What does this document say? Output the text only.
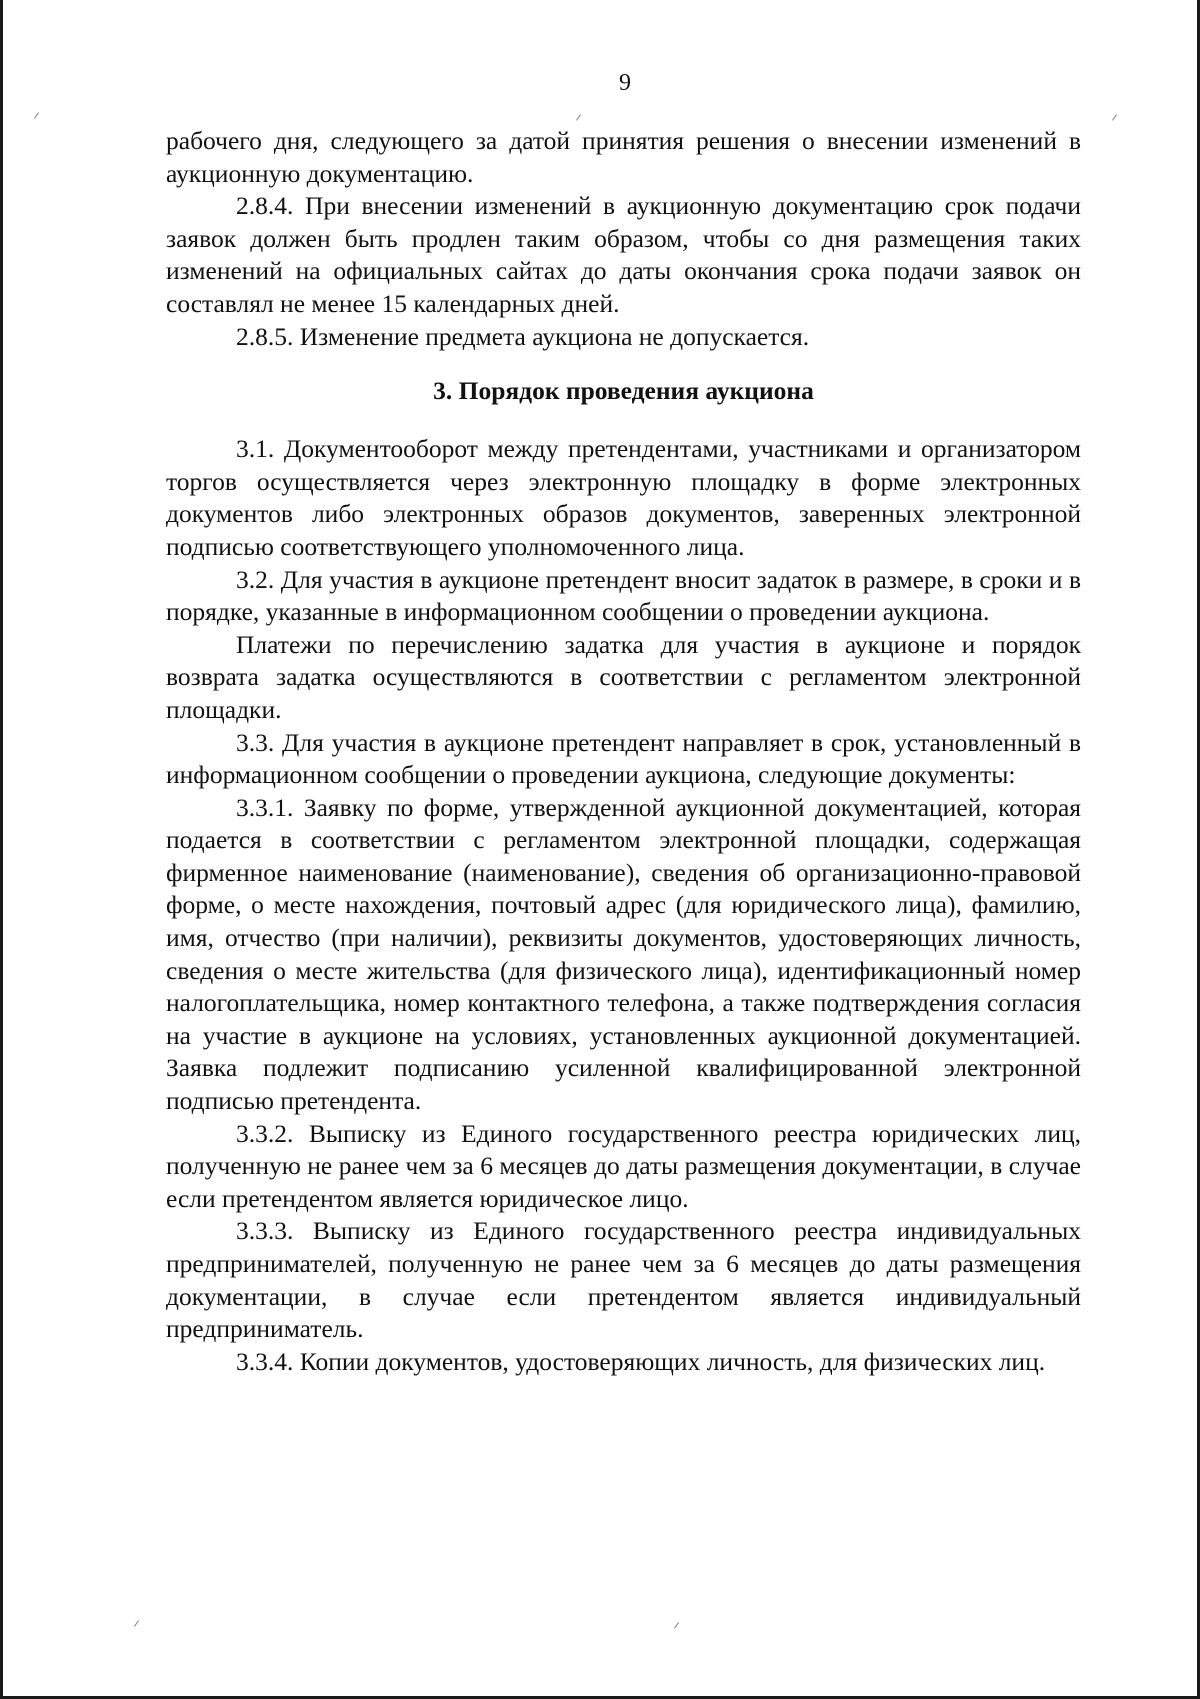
9

рабочего дня, следующего за датой принятия решения о внесении изменений в аукционную документацию.

2.8.4. При внесении изменений в аукционную документацию срок подачи заявок должен быть продлен таким образом, чтобы со дня размещения таких изменений на официальных сайтах до даты окончания срока подачи заявок он составлял не менее 15 календарных дней.

2.8.5. Изменение предмета аукциона не допускается.

3. Порядок проведения аукциона

3.1. Документооборот между претендентами, участниками и организатором торгов осуществляется через электронную площадку в форме электронных документов либо электронных образов документов, заверенных электронной подписью соответствующего уполномоченного лица.

3.2. Для участия в аукционе претендент вносит задаток в размере, в сроки и в порядке, указанные в информационном сообщении о проведении аукциона.

Платежи по перечислению задатка для участия в аукционе и порядок возврата задатка осуществляются в соответствии с регламентом электронной площадки.

3.3. Для участия в аукционе претендент направляет в срок, установленный в информационном сообщении о проведении аукциона, следующие документы:

3.3.1. Заявку по форме, утвержденной аукционной документацией, которая подается в соответствии с регламентом электронной площадки, содержащая фирменное наименование (наименование), сведения об организационно-правовой форме, о месте нахождения, почтовый адрес (для юридического лица), фамилию, имя, отчество (при наличии), реквизиты документов, удостоверяющих личность, сведения о месте жительства (для физического лица), идентификационный номер налогоплательщика, номер контактного телефона, а также подтверждения согласия на участие в аукционе на условиях, установленных аукционной документацией. Заявка подлежит подписанию усиленной квалифицированной электронной подписью претендента.

3.3.2. Выписку из Единого государственного реестра юридических лиц, полученную не ранее чем за 6 месяцев до даты размещения документации, в случае если претендентом является юридическое лицо.

3.3.3. Выписку из Единого государственного реестра индивидуальных предпринимателей, полученную не ранее чем за 6 месяцев до даты размещения документации, в случае если претендентом является индивидуальный предприниматель.

3.3.4. Копии документов, удостоверяющих личность, для физических лиц.
